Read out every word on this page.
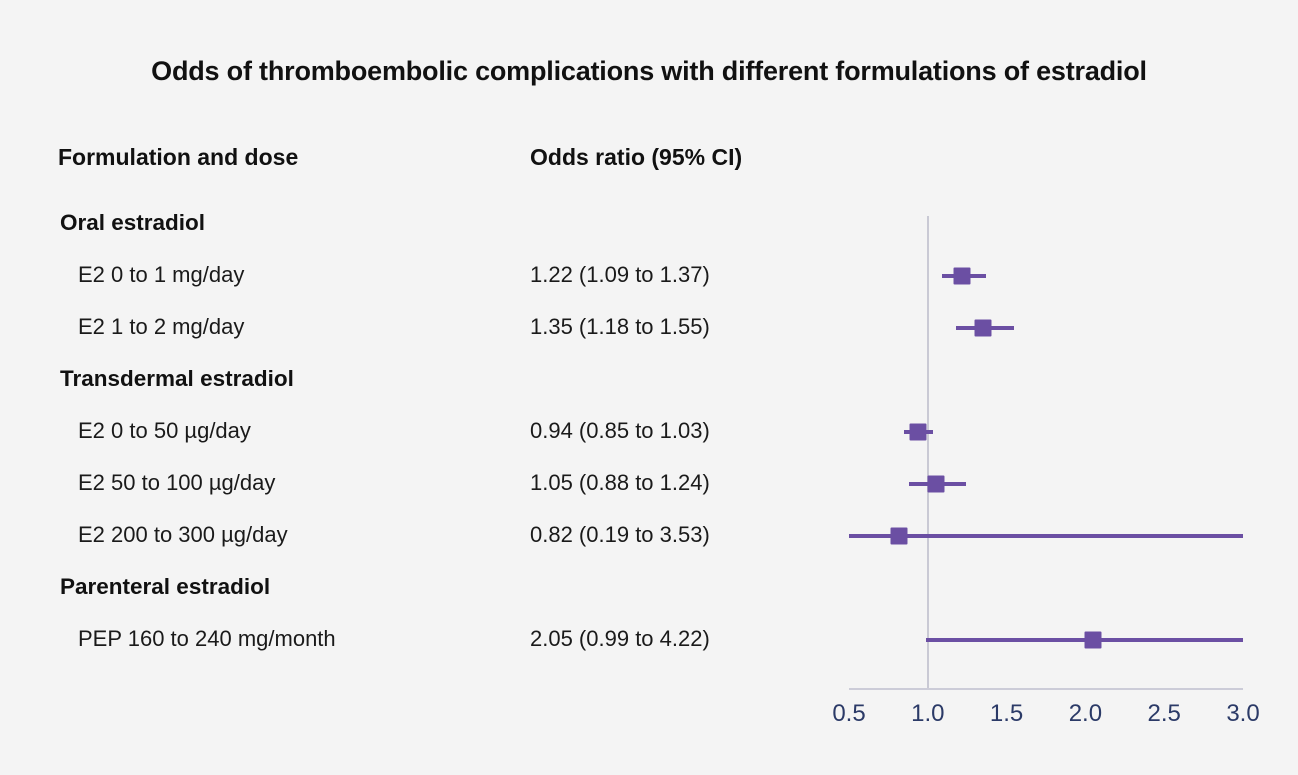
Odds of thromboembolic complications with different formulations of estradiol
Formulation and dose	Odds ratio (95% CI)
Oral estradiol
E2 0 to 1 mg/day	1.22 (1.09 to 1.37)
E2 1 to 2 mg/day	1.35 (1.18 to 1.55)
Transdermal estradiol
E2 0 to 50 µg/day	0.94 (0.85 to 1.03)
E2 50 to 100 µg/day	1.05 (0.88 to 1.24)
E2 200 to 300 µg/day	0.82 (0.19 to 3.53)
Parenteral estradiol
PEP 160 to 240 mg/month	2.05 (0.99 to 4.22)
0.5 1.0 1.5 2.0 2.5 3.0
